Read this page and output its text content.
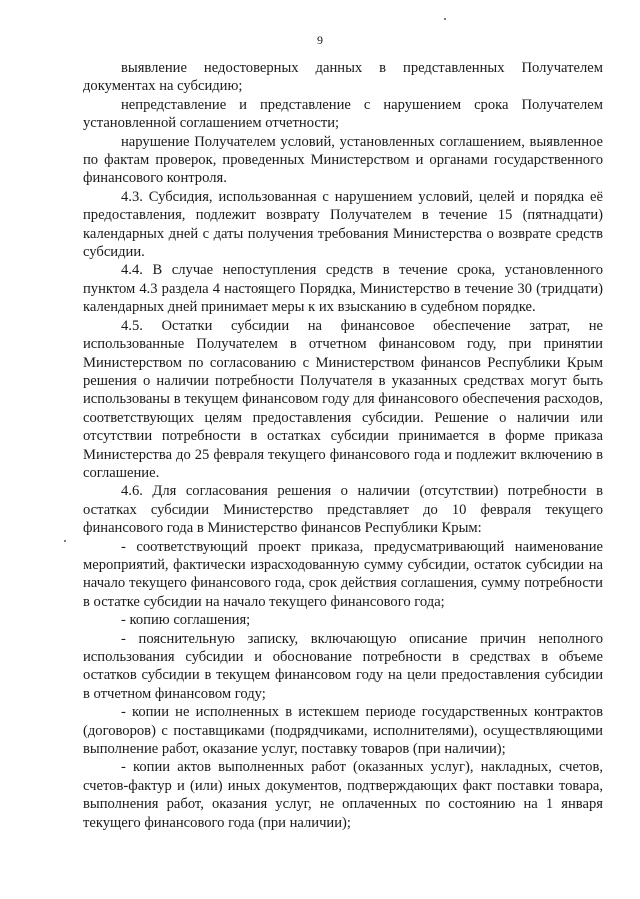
9

выявление недостоверных данных в представленных Получателем документах на субсидию;

непредставление и представление с нарушением срока Получателем установленной соглашением отчетности;

нарушение Получателем условий, установленных соглашением, выявленное по фактам проверок, проведенных Министерством и органами государственного финансового контроля.

4.3. Субсидия, использованная с нарушением условий, целей и порядка её предоставления, подлежит возврату Получателем в течение 15 (пятнадцати) календарных дней с даты получения требования Министерства о возврате средств субсидии.

4.4. В случае непоступления средств в течение срока, установленного пунктом 4.3 раздела 4 настоящего Порядка, Министерство в течение 30 (тридцати) календарных дней принимает меры к их взысканию в судебном порядке.

4.5. Остатки субсидии на финансовое обеспечение затрат, не использованные Получателем в отчетном финансовом году, при принятии Министерством по согласованию с Министерством финансов Республики Крым решения о наличии потребности Получателя в указанных средствах могут быть использованы в текущем финансовом году для финансового обеспечения расходов, соответствующих целям предоставления субсидии. Решение о наличии или отсутствии потребности в остатках субсидии принимается в форме приказа Министерства до 25 февраля текущего финансового года и подлежит включению в соглашение.

4.6. Для согласования решения о наличии (отсутствии) потребности в остатках субсидии Министерство представляет до 10 февраля текущего финансового года в Министерство финансов Республики Крым:

- соответствующий проект приказа, предусматривающий наименование мероприятий, фактически израсходованную сумму субсидии, остаток субсидии на начало текущего финансового года, срок действия соглашения, сумму потребности в остатке субсидии на начало текущего финансового года;

- копию соглашения;

- пояснительную записку, включающую описание причин неполного использования субсидии и обоснование потребности в средствах в объеме остатков субсидии в текущем финансовом году на цели предоставления субсидии в отчетном финансовом году;

- копии не исполненных в истекшем периоде государственных контрактов (договоров) с поставщиками (подрядчиками, исполнителями), осуществляющими выполнение работ, оказание услуг, поставку товаров (при наличии);

- копии актов выполненных работ (оказанных услуг), накладных, счетов, счетов-фактур и (или) иных документов, подтверждающих факт поставки товара, выполнения работ, оказания услуг, не оплаченных по состоянию на 1 января текущего финансового года (при наличии);
